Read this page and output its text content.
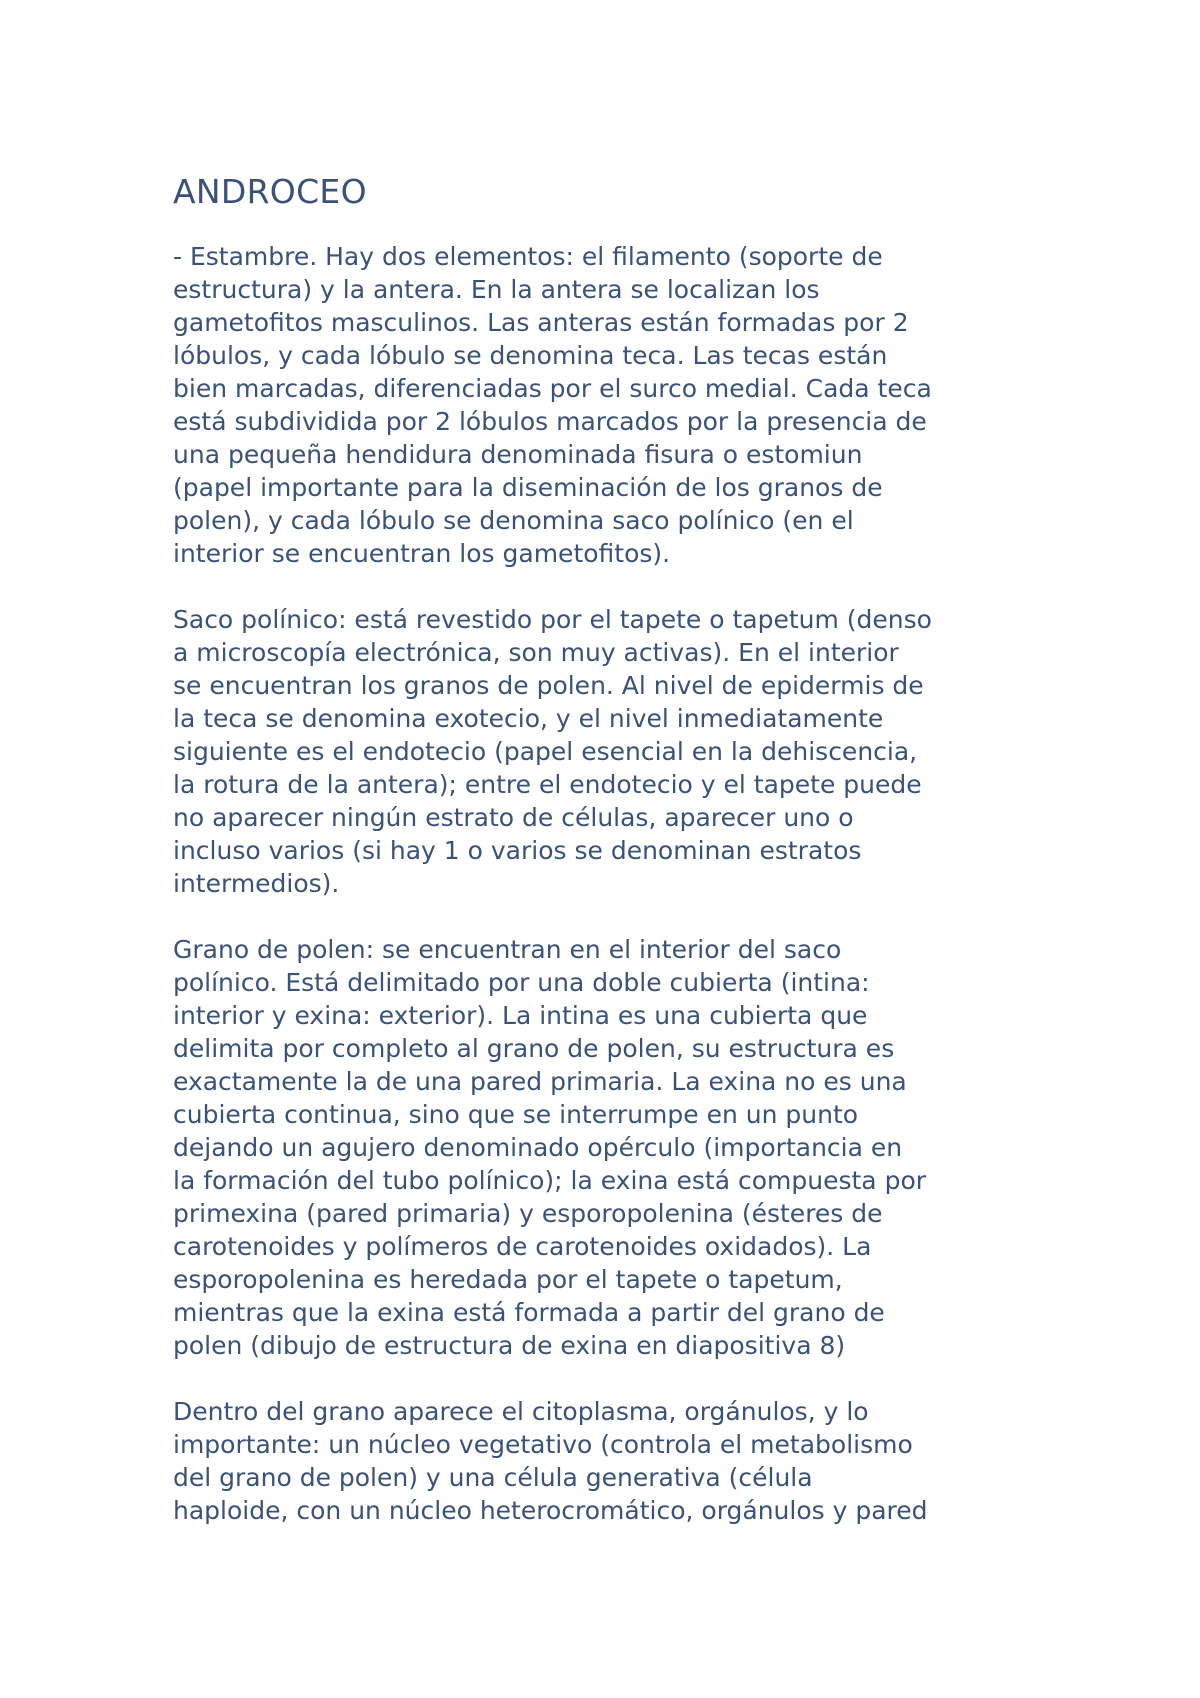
ANDROCEO

- Estambre. Hay dos elementos: el filamento (soporte de
estructura) y la antera. En la antera se localizan los
gametofitos masculinos. Las anteras están formadas por 2
lóbulos, y cada lóbulo se denomina teca. Las tecas están
bien marcadas, diferenciadas por el surco medial. Cada teca
está subdividida por 2 lóbulos marcados por la presencia de
una pequeña hendidura denominada fisura o estomiun
(papel importante para la diseminación de los granos de
polen), y cada lóbulo se denomina saco polínico (en el
interior se encuentran los gametofitos).

Saco polínico: está revestido por el tapete o tapetum (denso
a microscopía electrónica, son muy activas). En el interior
se encuentran los granos de polen. Al nivel de epidermis de
la teca se denomina exotecio, y el nivel inmediatamente
siguiente es el endotecio (papel esencial en la dehiscencia,
la rotura de la antera); entre el endotecio y el tapete puede
no aparecer ningún estrato de células, aparecer uno o
incluso varios (si hay 1 o varios se denominan estratos
intermedios).

Grano de polen: se encuentran en el interior del saco
polínico. Está delimitado por una doble cubierta (intina:
interior y exina: exterior). La intina es una cubierta que
delimita por completo al grano de polen, su estructura es
exactamente la de una pared primaria. La exina no es una
cubierta continua, sino que se interrumpe en un punto
dejando un agujero denominado opérculo (importancia en
la formación del tubo polínico); la exina está compuesta por
primexina (pared primaria) y esporopolenina (ésteres de
carotenoides y polímeros de carotenoides oxidados). La
esporopolenina es heredada por el tapete o tapetum,
mientras que la exina está formada a partir del grano de
polen (dibujo de estructura de exina en diapositiva 8)

Dentro del grano aparece el citoplasma, orgánulos, y lo
importante: un núcleo vegetativo (controla el metabolismo
del grano de polen) y una célula generativa (célula
haploide, con un núcleo heterocromático, orgánulos y pared
